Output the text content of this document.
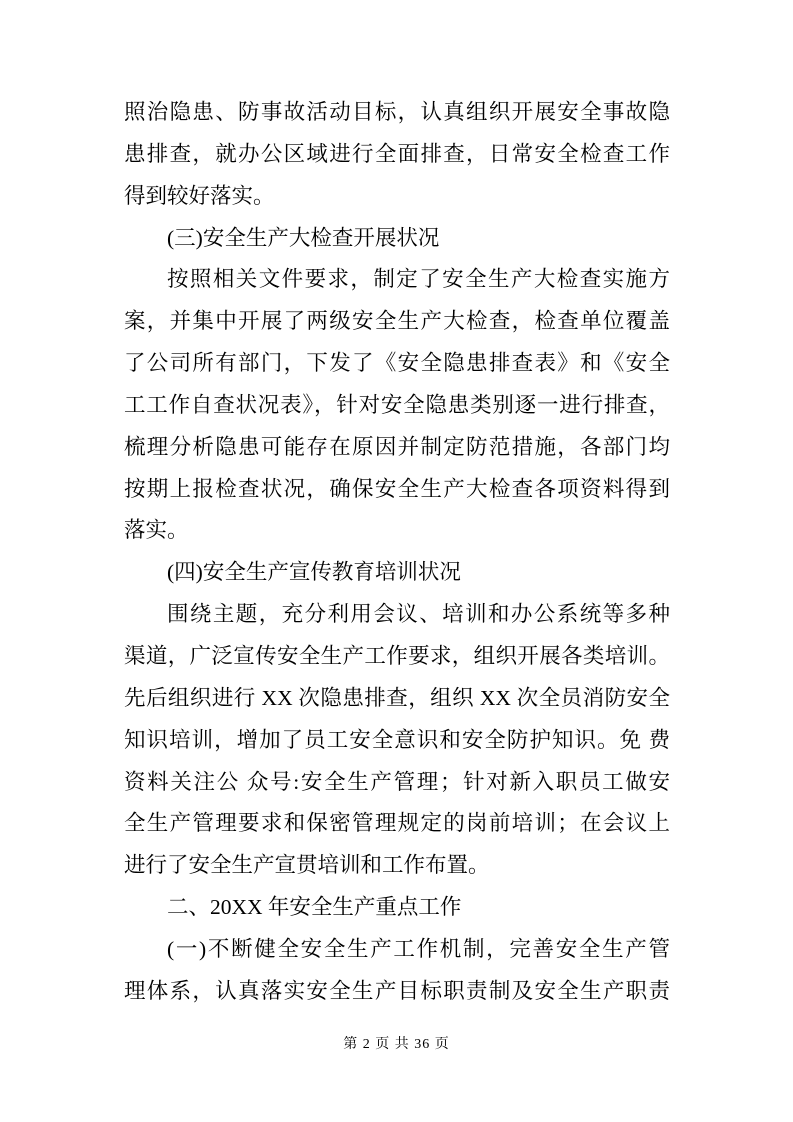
照治隐患、防事故活动目标，认真组织开展安全事故隐
患排查，就办公区域进行全面排查，日常安全检查工作
得到较好落实。
(三)安全生产大检查开展状况
按照相关文件要求，制定了安全生产大检查实施方
案，并集中开展了两级安全生产大检查，检查单位覆盖
了公司所有部门，下发了《安全隐患排查表》和《安全
工工作自查状况表》，针对安全隐患类别逐一进行排查，
梳理分析隐患可能存在原因并制定防范措施，各部门均
按期上报检查状况，确保安全生产大检查各项资料得到
落实。
(四)安全生产宣传教育培训状况
围绕主题，充分利用会议、培训和办公系统等多种
渠道，广泛宣传安全生产工作要求，组织开展各类培训。
先后组织进行 XX 次隐患排查，组织 XX 次全员消防安全
知识培训，增加了员工安全意识和安全防护知识。免 费
资料关注公 众号:安全生产管理；针对新入职员工做安
全生产管理要求和保密管理规定的岗前培训；在会议上
进行了安全生产宣贯培训和工作布置。
二、20XX 年安全生产重点工作
(一)不断健全安全生产工作机制，完善安全生产管
理体系，认真落实安全生产目标职责制及安全生产职责
第 2 页 共 36 页
